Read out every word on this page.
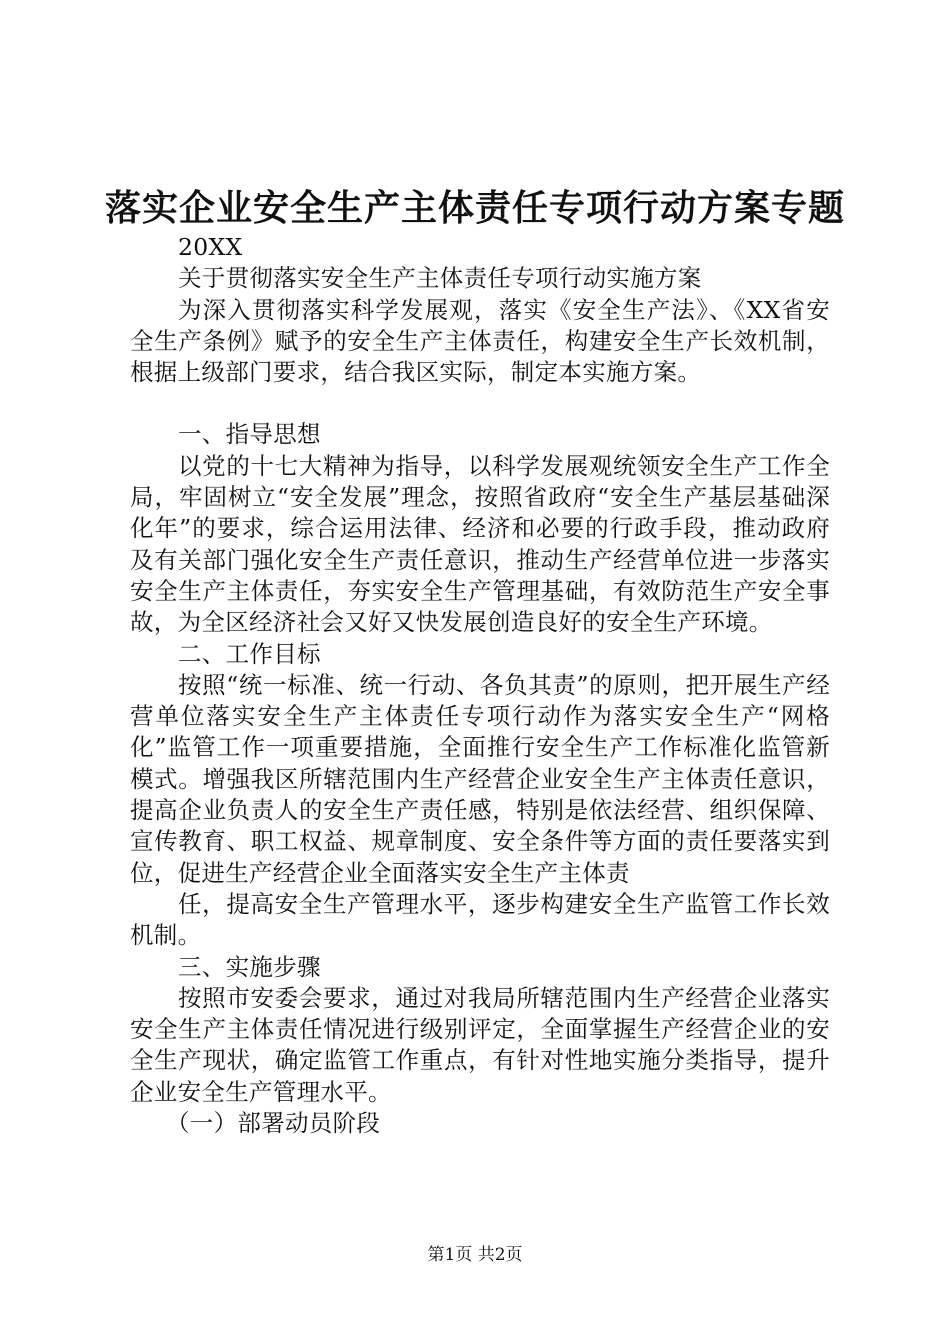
落实企业安全生产主体责任专项行动方案专题

20XX

关于贯彻落实安全生产主体责任专项行动实施方案

为深入贯彻落实科学发展观，落实《安全生产法》、《XX省安全生产条例》赋予的安全生产主体责任，构建安全生产长效机制，根据上级部门要求，结合我区实际，制定本实施方案。

一、指导思想

以党的十七大精神为指导，以科学发展观统领安全生产工作全局，牢固树立“安全发展”理念，按照省政府“安全生产基层基础深化年”的要求，综合运用法律、经济和必要的行政手段，推动政府及有关部门强化安全生产责任意识，推动生产经营单位进一步落实安全生产主体责任，夯实安全生产管理基础，有效防范生产安全事故，为全区经济社会又好又快发展创造良好的安全生产环境。

二、工作目标

按照“统一标准、统一行动、各负其责”的原则，把开展生产经营单位落实安全生产主体责任专项行动作为落实安全生产“网格化”监管工作一项重要措施，全面推行安全生产工作标准化监管新模式。增强我区所辖范围内生产经营企业安全生产主体责任意识，提高企业负责人的安全生产责任感，特别是依法经营、组织保障、宣传教育、职工权益、规章制度、安全条件等方面的责任要落实到位，促进生产经营企业全面落实安全生产主体责

任，提高安全生产管理水平，逐步构建安全生产监管工作长效机制。

三、实施步骤

按照市安委会要求，通过对我局所辖范围内生产经营企业落实安全生产主体责任情况进行级别评定，全面掌握生产经营企业的安全生产现状，确定监管工作重点，有针对性地实施分类指导，提升企业安全生产管理水平。

（一）部署动员阶段

第1页 共2页
